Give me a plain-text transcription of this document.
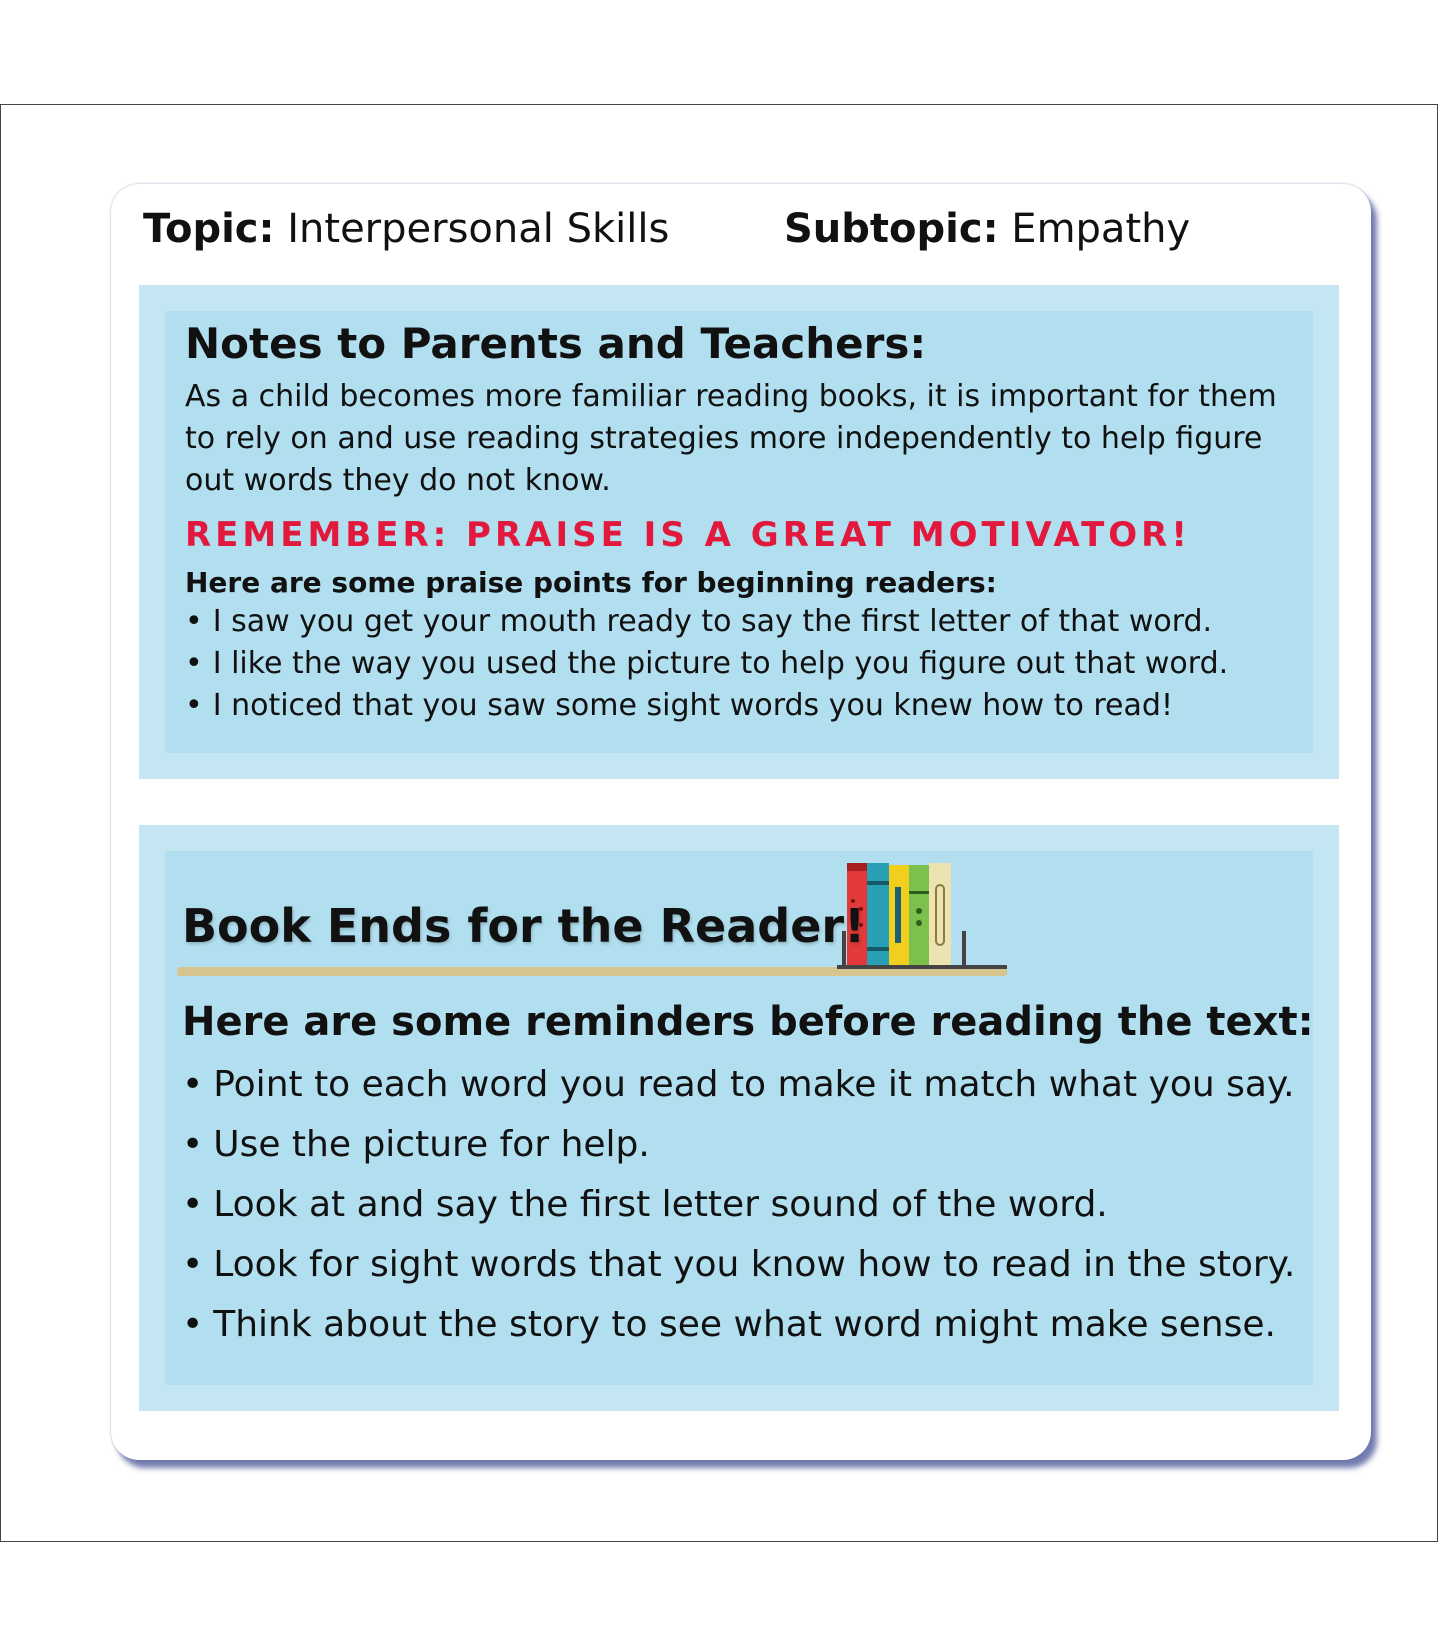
Topic: Interpersonal Skills	Subtopic: Empathy
Notes to Parents and Teachers:
As a child becomes more familiar reading books, it is important for them to rely on and use reading strategies more independently to help figure out words they do not know.
REMEMBER: PRAISE IS A GREAT MOTIVATOR!
Here are some praise points for beginning readers:
• I saw you get your mouth ready to say the first letter of that word.
• I like the way you used the picture to help you figure out that word.
• I noticed that you saw some sight words you knew how to read!
Book Ends for the Reader!
Here are some reminders before reading the text:
• Point to each word you read to make it match what you say.
• Use the picture for help.
• Look at and say the first letter sound of the word.
• Look for sight words that you know how to read in the story.
• Think about the story to see what word might make sense.
